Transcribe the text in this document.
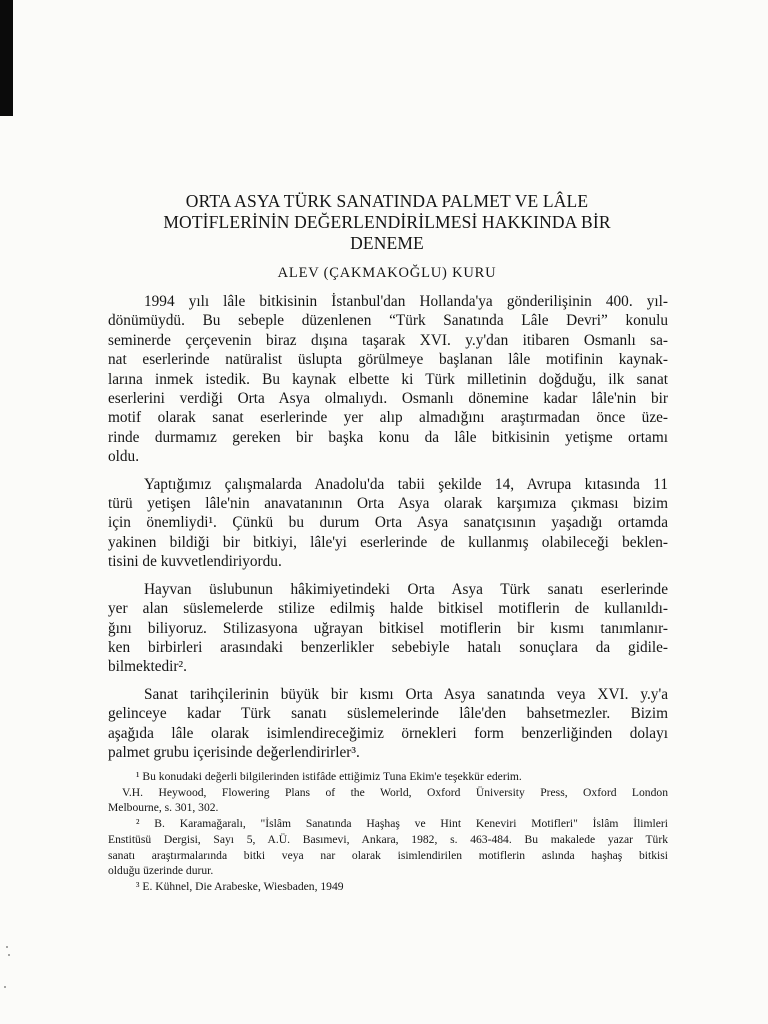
ORTA ASYA TÜRK SANATINDA PALMET VE LÂLE
MOTİFLERİNİN DEĞERLENDİRİLMESİ HAKKINDA BİR
DENEME
ALEV (ÇAKMAKOĞLU) KURU
1994 yılı lâle bitkisinin İstanbul'dan Hollanda'ya gönderilişinin 400. yıl-
dönümüydü. Bu sebeple düzenlenen “Türk Sanatında Lâle Devri” konulu
seminerde çerçevenin biraz dışına taşarak XVI. y.y'dan itibaren Osmanlı sa-
nat eserlerinde natüralist üslupta görülmeye başlanan lâle motifinin kaynak-
larına inmek istedik. Bu kaynak elbette ki Türk milletinin doğduğu, ilk sanat
eserlerini verdiği Orta Asya olmalıydı. Osmanlı dönemine kadar lâle'nin bir
motif olarak sanat eserlerinde yer alıp almadığını araştırmadan önce üze-
rinde durmamız gereken bir başka konu da lâle bitkisinin yetişme ortamı
oldu.
Yaptığımız çalışmalarda Anadolu'da tabii şekilde 14, Avrupa kıtasında 11
türü yetişen lâle'nin anavatanının Orta Asya olarak karşımıza çıkması bizim
için önemliydi¹. Çünkü bu durum Orta Asya sanatçısının yaşadığı ortamda
yakinen bildiği bir bitkiyi, lâle'yi eserlerinde de kullanmış olabileceği beklen-
tisini de kuvvetlendiriyordu.
Hayvan üslubunun hâkimiyetindeki Orta Asya Türk sanatı eserlerinde
yer alan süslemelerde stilize edilmiş halde bitkisel motiflerin de kullanıldı-
ğını biliyoruz. Stilizasyona uğrayan bitkisel motiflerin bir kısmı tanımlanır-
ken birbirleri arasındaki benzerlikler sebebiyle hatalı sonuçlara da gidile-
bilmektedir².
Sanat tarihçilerinin büyük bir kısmı Orta Asya sanatında veya XVI. y.y'a
gelinceye kadar Türk sanatı süslemelerinde lâle'den bahsetmezler. Bizim
aşağıda lâle olarak isimlendireceğimiz örnekleri form benzerliğinden dolayı
palmet grubu içerisinde değerlendirirler³.
¹ Bu konudaki değerli bilgilerinden istifâde ettiğimiz Tuna Ekim'e teşekkür ederim.
V.H. Heywood, Flowering Plans of the World, Oxford Üniversity Press, Oxford London
Melbourne, s. 301, 302.
² B. Karamağaralı, "İslâm Sanatında Haşhaş ve Hint Keneviri Motifleri" İslâm İlimleri
Enstitüsü Dergisi, Sayı 5, A.Ü. Basımevi, Ankara, 1982, s. 463-484. Bu makalede yazar Türk
sanatı araştırmalarında bitki veya nar olarak isimlendirilen motiflerin aslında haşhaş bitkisi
olduğu üzerinde durur.
³ E. Kühnel, Die Arabeske, Wiesbaden, 1949
